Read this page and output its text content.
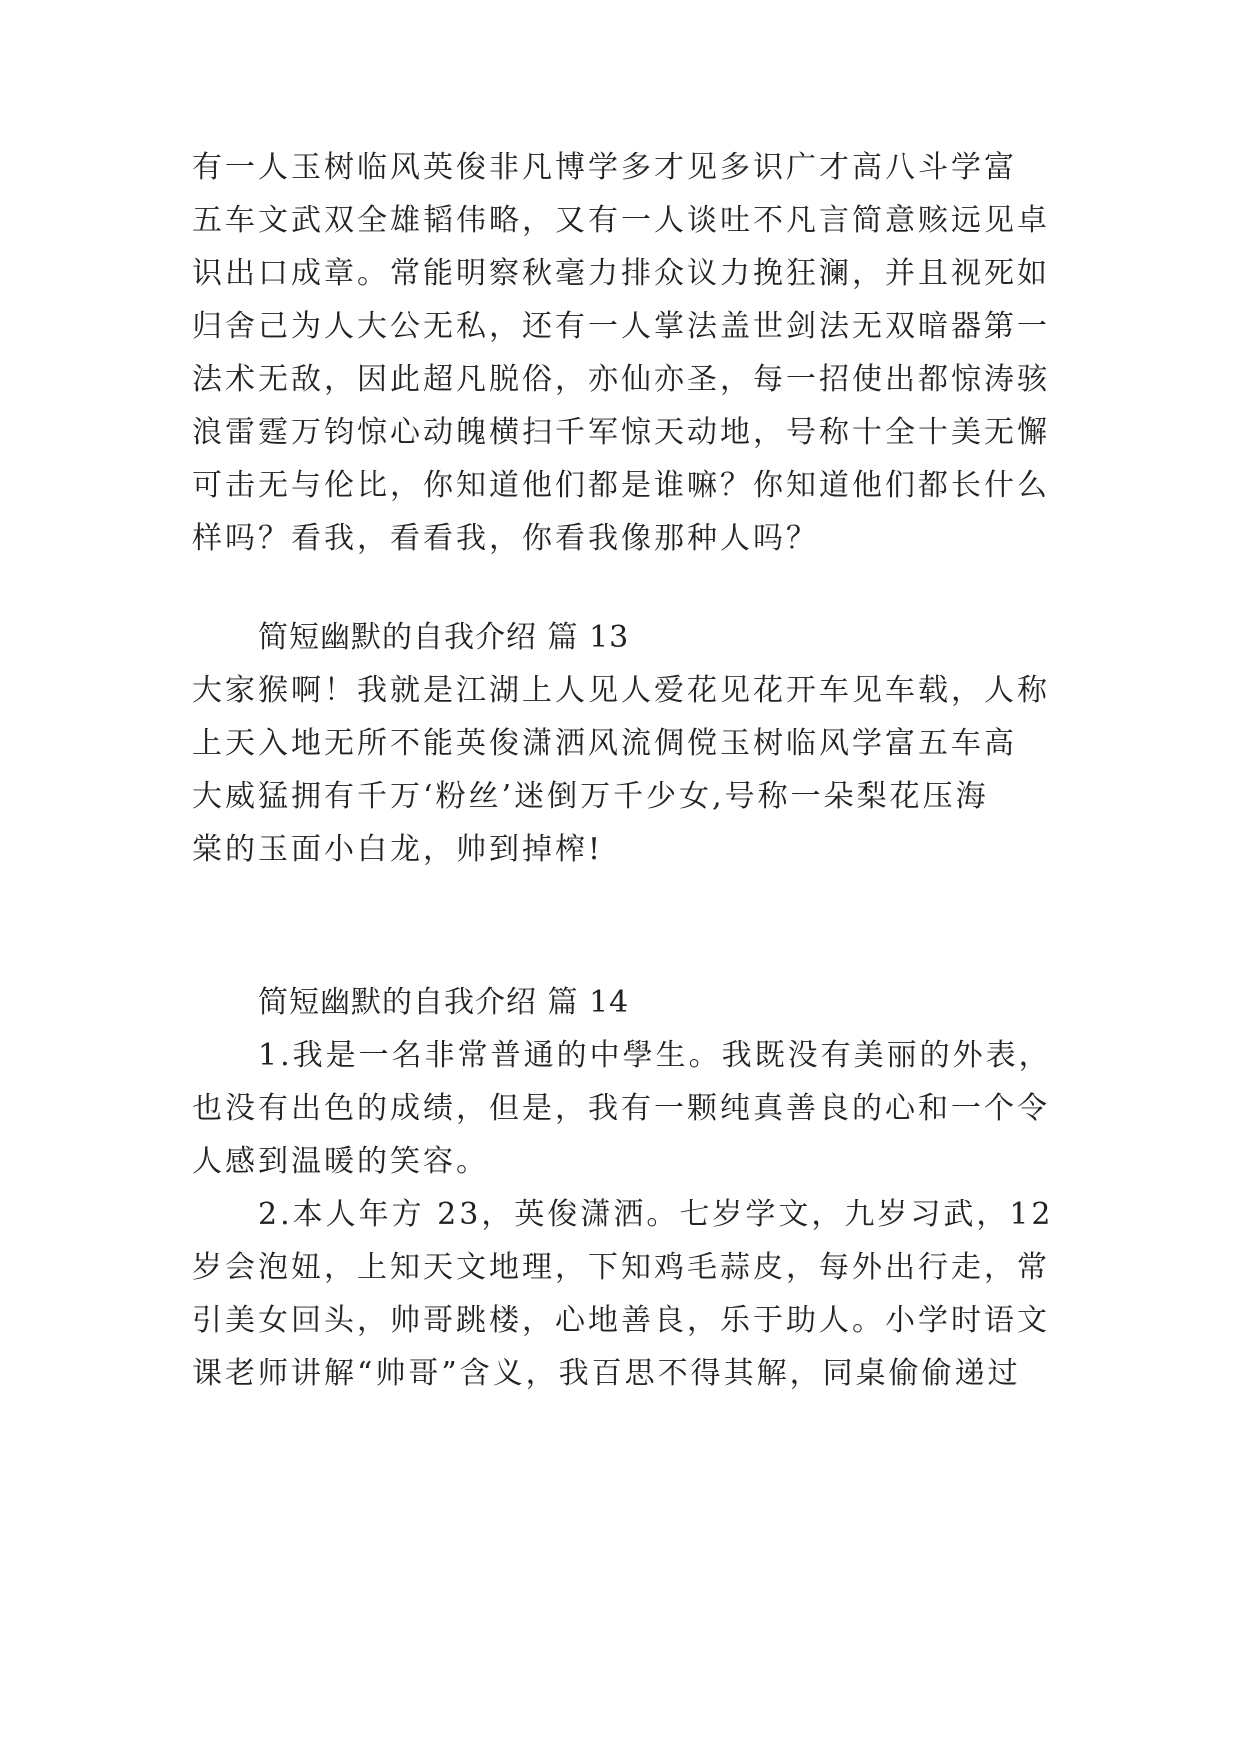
有一人玉树临风英俊非凡博学多才见多识广才高八斗学富
五车文武双全雄韬伟略，又有一人谈吐不凡言简意赅远见卓
识出口成章。常能明察秋毫力排众议力挽狂澜，并且视死如
归舍己为人大公无私，还有一人掌法盖世剑法无双暗器第一
法术无敌，因此超凡脱俗，亦仙亦圣，每一招使出都惊涛骇
浪雷霆万钧惊心动魄横扫千军惊天动地，号称十全十美无懈
可击无与伦比，你知道他们都是谁嘛？你知道他们都长什么
样吗？看我，看看我，你看我像那种人吗？
简短幽默的自我介绍 篇 13
大家猴啊！我就是江湖上人见人爱花见花开车见车载，人称
上天入地无所不能英俊潇洒风流倜傥玉树临风学富五车高
大威猛拥有千万‘粉丝’迷倒万千少女,号称一朵梨花压海
棠的玉面小白龙，帅到掉榨!
简短幽默的自我介绍 篇 14
1.我是一名非常普通的中學生。我既没有美丽的外表，
也没有出色的成绩，但是，我有一颗纯真善良的心和一个令
人感到温暖的笑容。
2.本人年方 23，英俊潇洒。七岁学文，九岁习武，12
岁会泡妞，上知天文地理，下知鸡毛蒜皮，每外出行走，常
引美女回头，帅哥跳楼，心地善良，乐于助人。小学时语文
课老师讲解“帅哥”含义，我百思不得其解，同桌偷偷递过
